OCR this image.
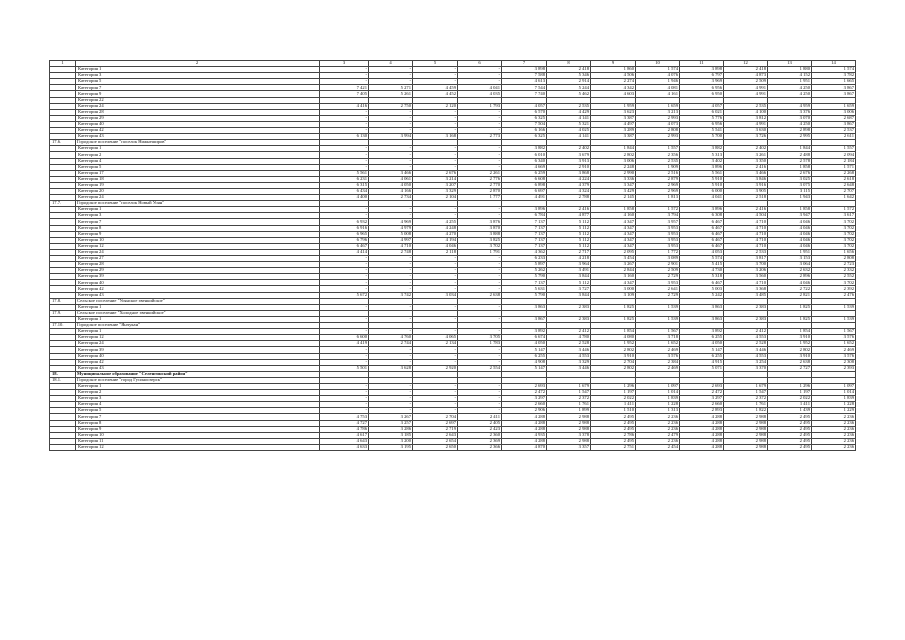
1	2	3	4	5	6	7	8	9	10	11	12	13	14
	Категория 1	-	-	-	-	3 898	2 418	1 860	1 574	3 898	2 418	1 880	1 574
	Категория 3	-	-	-	-	7 588	5 346	4 506	4 076	6 797	4 873	4 152	3 782
	Категория 5	-	-	-	-	4 613	2 914	2 274	1 946	3 969	2 509	1 951	1 665
	Категория 7	7 421	5 271	4 459	4 041	7 544	5 244	4 342	4 081	6 956	4 991	4 250	3 867
	Категория 9	7 405	5 261	4 452	4 035	7 740	5 462	4 603	4 161	6 950	4 991	4 250	3 867
	Категория 22												
	Категория 24	4 416	2 750	2 120	1 793	4 057	2 535	1 959	1 659	4 057	2 535	4 959	1 659
	Категория 28	-	-	-	-	6 570	4 429	3 623	3 213	6 021	4 100	3 376	3 006
	Категория 29	-	-	-	-	6 325	4 141	3 387	2 993	5 776	3 812	3 070	2 687
	Категория 40	-	-	-	-	7 504	5 321	4 497	4 073	6 956	4 991	4 250	3 867
	Категория 42	-	-	-	-	6 166	4 025	3 289	2 808	5 541	3 630	2 898	2 537
	Категория 43	6 130	3 994	3 168	2 773	6 325	4 141	3 387	2 993	5 700	3 726	2 995	2 611
17.6.	Городское поселение "поселок Нижнеширов"												
	Категория 1	-	-	-	-	3 882	2 402	1 844	1 557	3 882	2 402	1 844	1 557
	Категория 2	-	-	-	-	6 010	3 679	2 802	2 356	5 313	3 261	2 488	2 094
	Категория 4	-	-	-	-	6 340	3 913	3 006	2 535	3 402	3 350	2 578	2 184
	Категория 5	-	-	-	-	4 669	2 910	2 248	1 909	3 896	2 416	1 858	1 571
	Категория 17	5 561	3 466	2 676	2 261	6 259	3 868	2 990	2 516	5 561	3 466	2 676	2 268
	Категория 18	6 231	4 061	3 214	2 776	6 608	4 224	3 336	2 879	5 910	3 846	3 025	2 618
	Категория 19	6 315	4 050	3 207	2 770	6 898	4 379	3 347	2 969	5 910	3 916	3 075	2 648
	Категория 20	6 434	4 166	3 329	2 870	6 697	4 324	3 429	2 969	6 000	3 905	3 115	2 707
	Категория 24	4 400	2 734	2 104	1 777	4 491	2 788	2 145	1 813	4 041	2 518	1 943	1 642
17.7.	Городское поселение "поселок Новый Уоян"												
	Категория 1	-	-	-	-	3 896	2 416	1 858	1 572	3 896	2 416	1 858	1 572
	Категория 3	-	-	-	-	6 784	4 877	4 160	3 794	6 308	4 504	3 947	3 617
	Категория 7	6 932	4 969	4 255	3 876	7 137	5 112	4 347	3 957	6 467	4 710	4 046	3 702
	Категория 8	6 916	4 979	4 248	3 870	7 137	5 112	4 347	3 953	6 467	4 710	4 046	3 702
	Категория 9	6 965	5 008	4 270	3 888	7 137	5 112	4 347	3 953	6 467	4 710	4 046	3 702
	Категория 10	6 796	4 997	4 194	3 825	7 137	5 112	4 347	3 953	6 467	4 710	4 046	3 702
	Категория 12	6 467	4 710	4 046	3 702	7 137	5 112	4 347	3 953	6 467	4 710	4 046	3 702
	Категория 24	4 414	2 748	2 118	1 791	4 362	2 717	2 095	1 772	4 053	2 533	1 951	1 656
	Категория 27	-	-	-	-	6 233	4 218	3 454	3 089	5 574	3 817	3 153	2 808
	Категория 28	-	-	-	-	5 897	3 964	3 267	2 901	5 415	3 700	3 064	2 723
	Категория 29	-	-	-	-	5 262	3 491	2 844	2 509	4 730	3 206	2 632	2 332
	Категория 39	-	-	-	-	5 790	3 844	3 160	2 729	5 318	3 560	2 896	2 552
	Категория 40	-	-	-	-	7 137	5 112	4 347	3 953	6 467	4 710	4 046	3 702
	Категория 42	-	-	-	-	5 631	3 727	3 000	2 641	5 003	3 368	2 722	2 392
	Категория 43	5 672	3 742	3 034	2 638	5 790	3 844	3 109	2 729	5 242	3 485	2 821	2 476
17.8.	Сельское поселение "Уоянское эвенкийское"												
	Категория 1	-	-	-	-	3 863	2 383	1 825	1 539	3 863	2 383	1 825	1 539
17.9.	Сельское поселение "Холодное эвенкийское"												
	Категория 1	-	-	-	-	3 867	2 383	1 825	1 539	3 863	2 383	1 825	1 539
17.10.	Городское поселение "Янчукан"												
	Категория 1	-	-	-	-	3 892	2 412	1 854	1 567	3 892	2 412	1 854	1 567
	Категория 12	6 600	4 760	4 065	3 705	6 674	4 780	4 080	3 718	6 255	4 553	3 910	3 576
	Категория 24	4 419	2 744	2 134	1 783	4 050	2 528	1 952	1 652	4 050	2 528	1 952	1 652
	Категория 39	-	-	-	-	5 147	3 446	2 802	2 469	5 147	3 446	2 802	2 469
	Категория 40	-	-	-	-	6 255	4 553	3 910	3 576	6 255	4 553	3 910	3 576
	Категория 42	-	-	-	-	4 908	3 329	2 704	2 384	4 915	3 254	2 638	2 308
	Категория 43	5 501	3 628	2 920	2 554	5 147	3 446	2 802	2 469	5 071	3 370	2 727	2 393
18.	Муниципальное образование "Селенгинский район"												
18.1.	Городское поселение "город Гусиноозерск"												
	Категория 1	-	-	-	-	2 693	1 679	1 296	1 097	2 693	1 679	1 296	1 097
	Категория 2	-	-	-	-	2 472	1 547	1 197	1 014	2 472	1 547	1 197	1 014
	Категория 3	-	-	-	-	3 297	2 372	2 022	1 839	3 297	2 372	2 022	1 839
	Категория 4	-	-	-	-	2 660	1 761	1 411	1 228	2 660	1 761	1 411	1 228
	Категория 5	-	-	-	-	2 906	1 899	1 510	1 313	2 893	1 822	1 439	1 229
	Категория 7	4 753	3 267	2 704	2 411	4 288	2 988	2 495	2 236	4 288	2 988	2 495	2 236
	Категория 8	4 727	3 257	2 697	2 405	4 288	2 988	2 495	2 236	4 288	2 988	2 495	2 236
	Категория 9	4 786	3 286	2 719	2 423	4 288	2 988	2 495	2 236	4 288	2 988	2 495	2 236
	Категория 10	4 617	3 185	2 643	2 360	4 935	3 378	2 786	2 479	4 288	2 988	2 495	2 236
	Категория 11	4 643	3 200	2 654	2 369	4 288	2 988	2 495	2 236	4 288	2 988	2 495	2 236
	Категория 12	4 633	3 195	2 650	2 366	4 870	3 357	2 751	2 454	4 288	2 988	2 495	2 236
